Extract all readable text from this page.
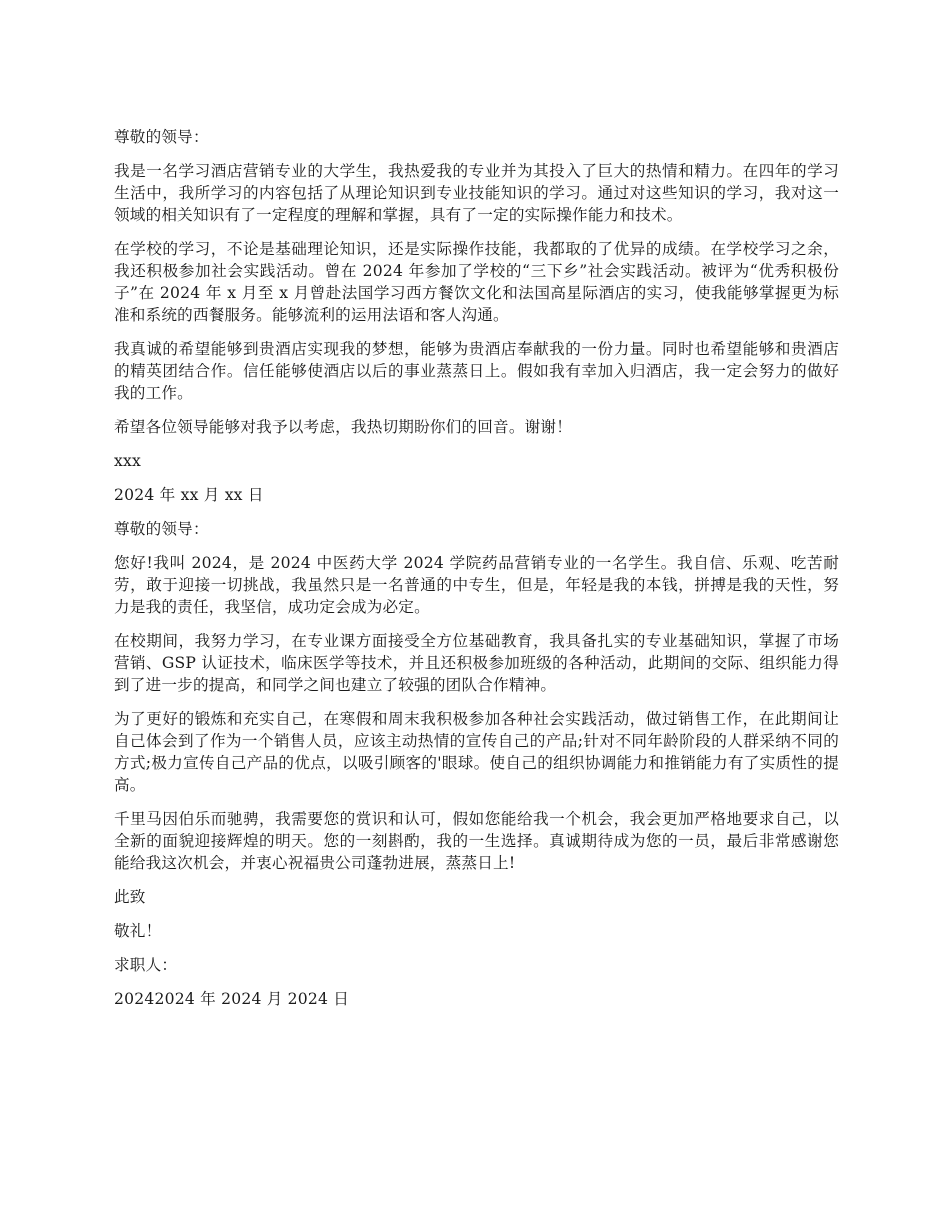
尊敬的领导：

我是一名学习酒店营销专业的大学生，我热爱我的专业并为其投入了巨大的热情和精力。在四年的学习生活中，我所学习的内容包括了从理论知识到专业技能知识的学习。通过对这些知识的学习，我对这一领域的相关知识有了一定程度的理解和掌握，具有了一定的实际操作能力和技术。

在学校的学习，不论是基础理论知识，还是实际操作技能，我都取的了优异的成绩。在学校学习之余，我还积极参加社会实践活动。曾在 2024 年参加了学校的“三下乡”社会实践活动。被评为“优秀积极份子”在 2024 年 x 月至 x 月曾赴法国学习西方餐饮文化和法国高星际酒店的实习，使我能够掌握更为标准和系统的西餐服务。能够流利的运用法语和客人沟通。

我真诚的希望能够到贵酒店实现我的梦想，能够为贵酒店奉献我的一份力量。同时也希望能够和贵酒店的精英团结合作。信任能够使酒店以后的事业蒸蒸日上。假如我有幸加入归酒店，我一定会努力的做好我的工作。

希望各位领导能够对我予以考虑，我热切期盼你们的回音。谢谢！

xxx

2024 年 xx 月 xx 日

尊敬的领导：

您好!我叫 2024，是 2024 中医药大学 2024 学院药品营销专业的一名学生。我自信、乐观、吃苦耐劳，敢于迎接一切挑战，我虽然只是一名普通的中专生，但是，年轻是我的本钱，拼搏是我的天性，努力是我的责任，我坚信，成功定会成为必定。

在校期间，我努力学习，在专业课方面接受全方位基础教育，我具备扎实的专业基础知识，掌握了市场营销、GSP 认证技术，临床医学等技术，并且还积极参加班级的各种活动，此期间的交际、组织能力得到了进一步的提高，和同学之间也建立了较强的团队合作精神。

为了更好的锻炼和充实自己，在寒假和周末我积极参加各种社会实践活动，做过销售工作，在此期间让自己体会到了作为一个销售人员，应该主动热情的宣传自己的产品;针对不同年龄阶段的人群采纳不同的方式;极力宣传自己产品的优点，以吸引顾客的'眼球。使自己的组织协调能力和推销能力有了实质性的提高。

千里马因伯乐而驰骋，我需要您的赏识和认可，假如您能给我一个机会，我会更加严格地要求自己，以全新的面貌迎接辉煌的明天。您的一刻斟酌，我的一生选择。真诚期待成为您的一员，最后非常感谢您能给我这次机会，并衷心祝福贵公司蓬勃进展，蒸蒸日上!

此致

敬礼！

求职人：

20242024 年 2024 月 2024 日
